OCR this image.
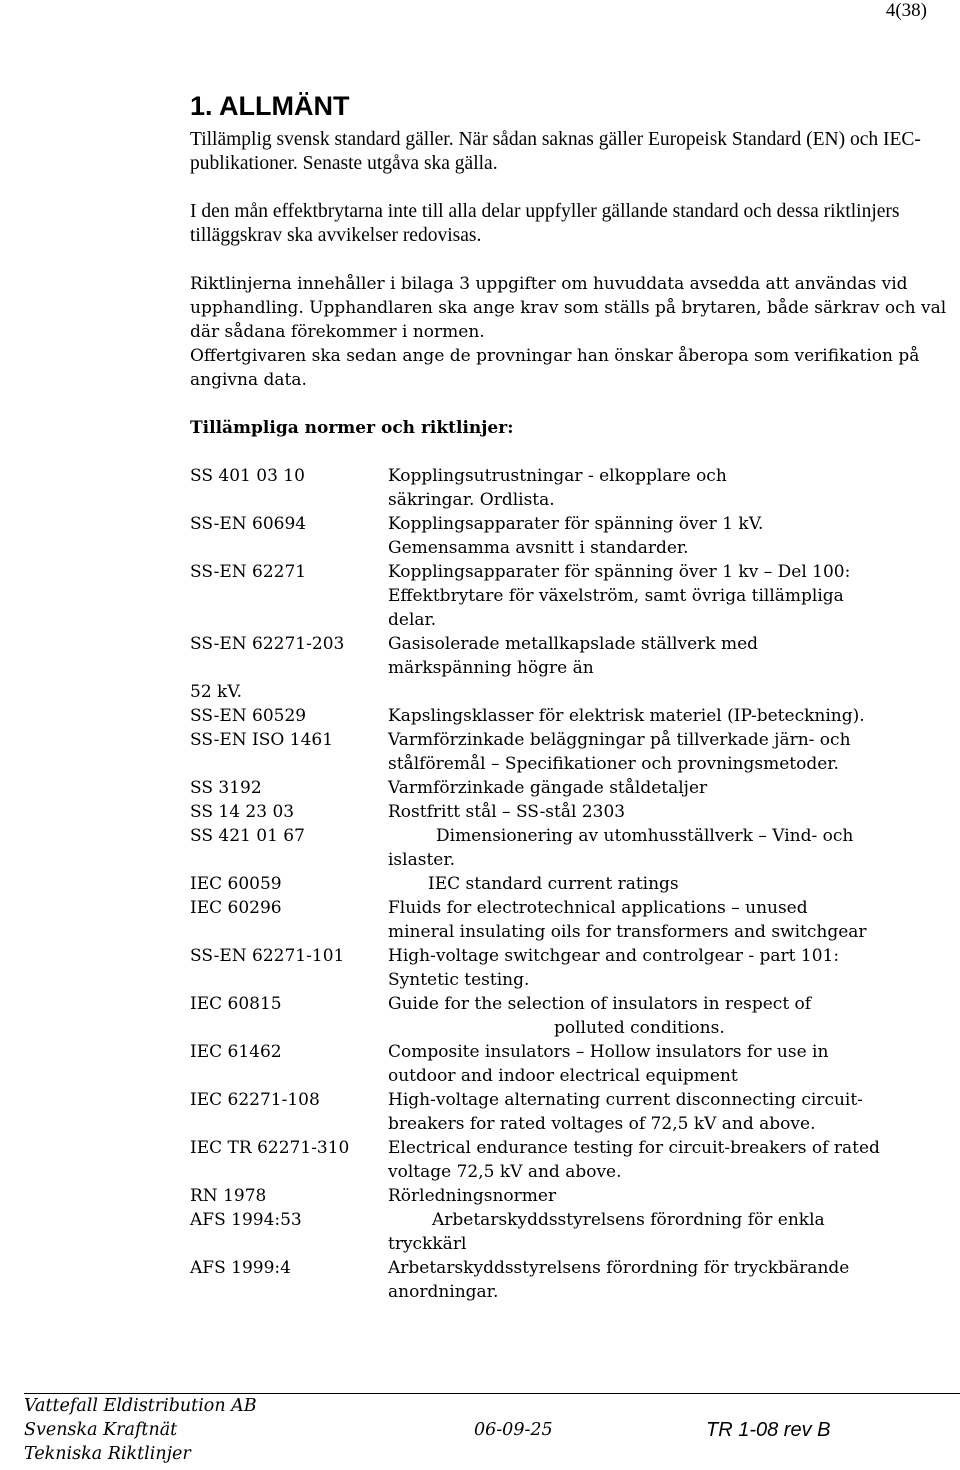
4(38)
1. ALLMÄNT

Tillämplig svensk standard gäller. När sådan saknas gäller Europeisk Standard (EN) och IEC-publikationer. Senaste utgåva ska gälla.

I den mån effektbrytarna inte till alla delar uppfyller gällande standard och dessa riktlinjers tilläggskrav ska avvikelser redovisas.

Riktlinjerna innehåller i bilaga 3 uppgifter om huvuddata avsedda att användas vid upphandling. Upphandlaren ska ange krav som ställs på brytaren, både särkrav och val där sådana förekommer i normen.

Offertgivaren ska sedan ange de provningar han önskar åberopa som verifikation på angivna data.

Tillämpliga normer och riktlinjer:

SS 401 03 10	Kopplingsutrustningar - elkopplare och
säkringar. Ordlista.
SS-EN 60694	Kopplingsapparater för spänning över 1 kV.
Gemensamma avsnitt i standarder.
SS-EN 62271	Kopplingsapparater för spänning över 1 kv – Del 100:
Effektbrytare för växelström, samt övriga tillämpliga
delar.
SS-EN 62271-203	Gasisolerade metallkapslade ställverk med
märkspänning högre än
52 kV.
SS-EN 60529	Kapslingsklasser för elektrisk materiel (IP-beteckning).
SS-EN ISO 1461	Varmförzinkade beläggningar på tillverkade järn- och
stålföremål – Specifikationer och provningsmetoder.
SS 3192	Varmförzinkade gängade ståldetaljer
SS 14 23 03	Rostfritt stål – SS-stål 2303
SS 421 01 67	Dimensionering av utomhusställverk – Vind- och
islaster.
IEC 60059	IEC standard current ratings
IEC 60296	Fluids for electrotechnical applications – unused
mineral insulating oils for transformers and switchgear
SS-EN 62271-101	High-voltage switchgear and controlgear - part 101:
Syntetic testing.
IEC 60815	Guide for the selection of insulators in respect of
polluted conditions.
IEC 61462	Composite insulators – Hollow insulators for use in
outdoor and indoor electrical equipment
IEC 62271-108	High-voltage alternating current disconnecting circuit-
breakers for rated voltages of 72,5 kV and above.
IEC TR 62271-310	Electrical endurance testing for circuit-breakers of rated
voltage 72,5 kV and above.
RN 1978	Rörledningsnormer
AFS 1994:53	Arbetarskyddsstyrelsens förordning för enkla
tryckkärl
AFS 1999:4	Arbetarskyddsstyrelsens förordning för tryckbärande
anordningar.
Vattefall Eldistribution AB
Svenska Kraftnät	06-09-25	TR 1-08 rev B
Tekniska Riktlinjer
